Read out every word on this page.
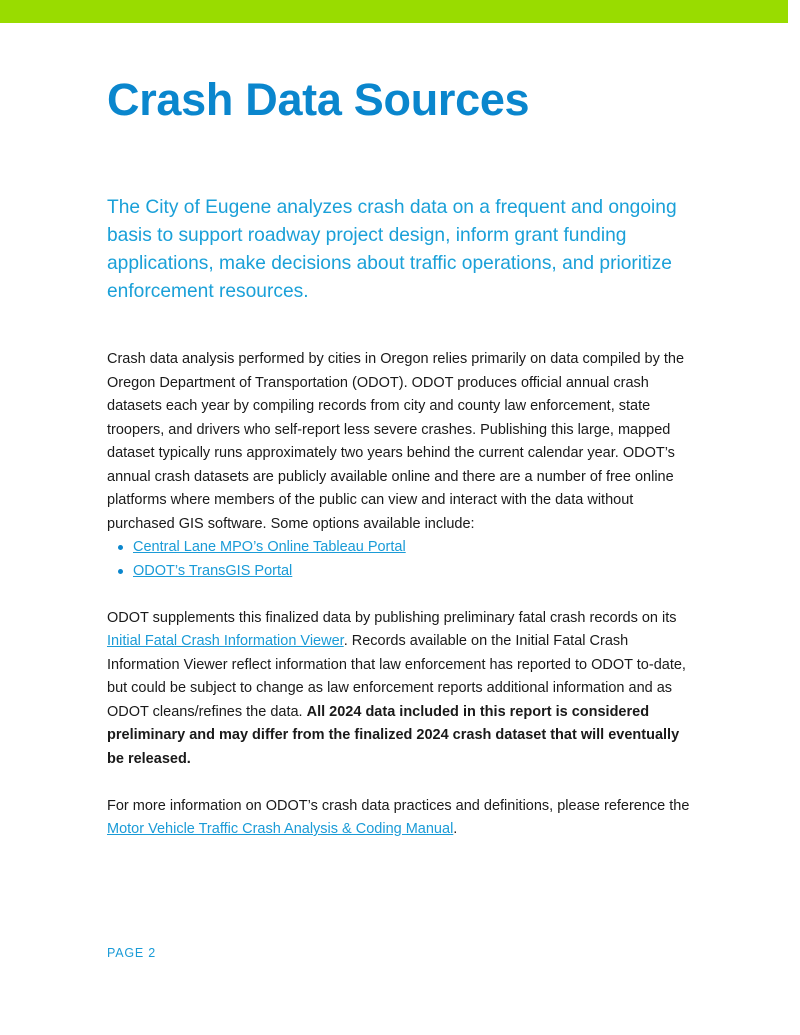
Crash Data Sources

The City of Eugene analyzes crash data on a frequent and ongoing basis to support roadway project design, inform grant funding applications, make decisions about traffic operations, and prioritize enforcement resources.

Crash data analysis performed by cities in Oregon relies primarily on data compiled by the Oregon Department of Transportation (ODOT). ODOT produces official annual crash datasets each year by compiling records from city and county law enforcement, state troopers, and drivers who self-report less severe crashes. Publishing this large, mapped dataset typically runs approximately two years behind the current calendar year. ODOT’s annual crash datasets are publicly available online and there are a number of free online platforms where members of the public can view and interact with the data without purchased GIS software. Some options available include:

Central Lane MPO’s Online Tableau Portal
ODOT’s TransGIS Portal

ODOT supplements this finalized data by publishing preliminary fatal crash records on its Initial Fatal Crash Information Viewer. Records available on the Initial Fatal Crash Information Viewer reflect information that law enforcement has reported to ODOT to-date, but could be subject to change as law enforcement reports additional information and as ODOT cleans/refines the data. All 2024 data included in this report is considered preliminary and may differ from the finalized 2024 crash dataset that will eventually be released.

For more information on ODOT’s crash data practices and definitions, please reference the Motor Vehicle Traffic Crash Analysis & Coding Manual.

PAGE 2
